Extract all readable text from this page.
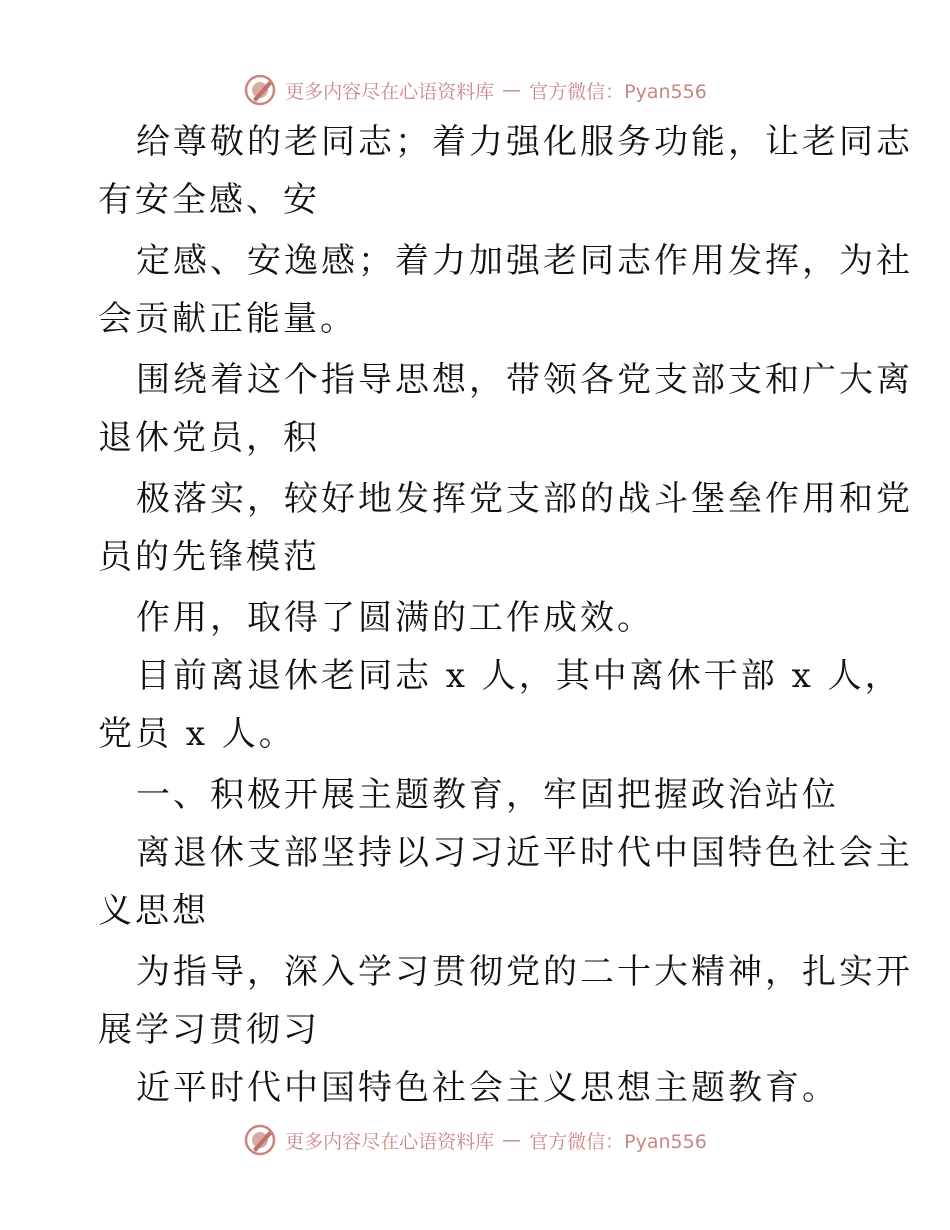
更多内容尽在心语资料库 — 官方微信：Pyan556
给尊敬的老同志；着力强化服务功能，让老同志
有安全感、安
定感、安逸感；着力加强老同志作用发挥，为社
会贡献正能量。
围绕着这个指导思想，带领各党支部支和广大离
退休党员，积
极落实，较好地发挥党支部的战斗堡垒作用和党
员的先锋模范
作用，取得了圆满的工作成效。
目前离退休老同志 x 人，其中离休干部 x 人，
党员 x 人。
一、积极开展主题教育，牢固把握政治站位
离退休支部坚持以习习近平时代中国特色社会主
义思想
为指导，深入学习贯彻党的二十大精神，扎实开
展学习贯彻习
近平时代中国特色社会主义思想主题教育。
更多内容尽在心语资料库 — 官方微信：Pyan556
